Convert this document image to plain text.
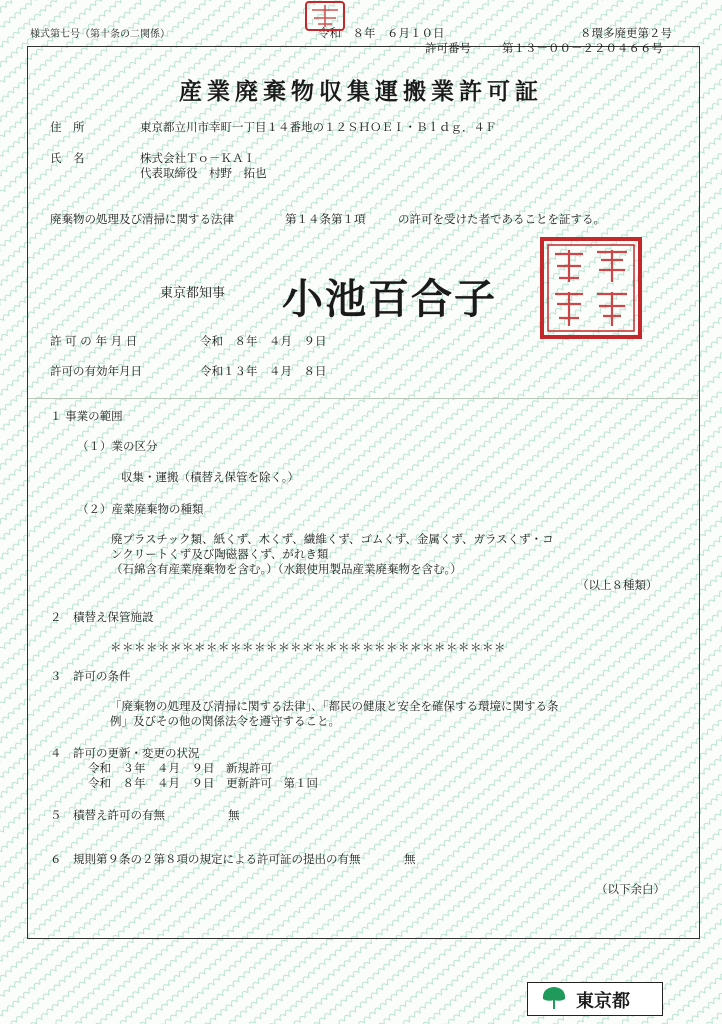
様式第七号（第十条の二関係）	令和　８年　６月１０日	８環多廃更第２号
許可番号	第１３－００－２２０４６６号
産業廃棄物収集運搬業許可証
住　所	東京都立川市幸町一丁目１４番地の１２ＳＨＯＥＩ・Ｂｌｄｇ．４Ｆ
氏　名	株式会社Ｔｏ－ＫＡＩ
代表取締役　村野　拓也
廃棄物の処理及び清掃に関する法律	第１４条第１項	の許可を受けた者であることを証する。
東京都知事 小池百合子
許 可 の 年 月 日	令和　８年　４月　９日
許可の有効年月日	令和１３年　４月　８日
１ 事業の範囲
（１）業の区分
収集・運搬（積替え保管を除く。）
（２）産業廃棄物の種類
廃プラスチック類、紙くず、木くず、繊維くず、ゴムくず、金属くず、ガラスくず・コ
ンクリートくず及び陶磁器くず、がれき類
（石綿含有産業廃棄物を含む。）（水銀使用製品産業廃棄物を含む。）
（以上８種類）
２　積替え保管施設
＊＊＊＊＊＊＊＊＊＊＊＊＊＊＊＊＊＊＊＊＊＊＊＊＊＊＊＊＊＊＊＊＊
３　許可の条件
「廃棄物の処理及び清掃に関する法律」、「都民の健康と安全を確保する環境に関する条
例」及びその他の関係法令を遵守すること。
４　許可の更新・変更の状況
令和　３年　４月　９日　新規許可
令和　８年　４月　９日　更新許可　第１回
５　積替え許可の有無	無
６　規則第９条の２第８項の規定による許可証の提出の有無	無
（以下余白）
東京都
